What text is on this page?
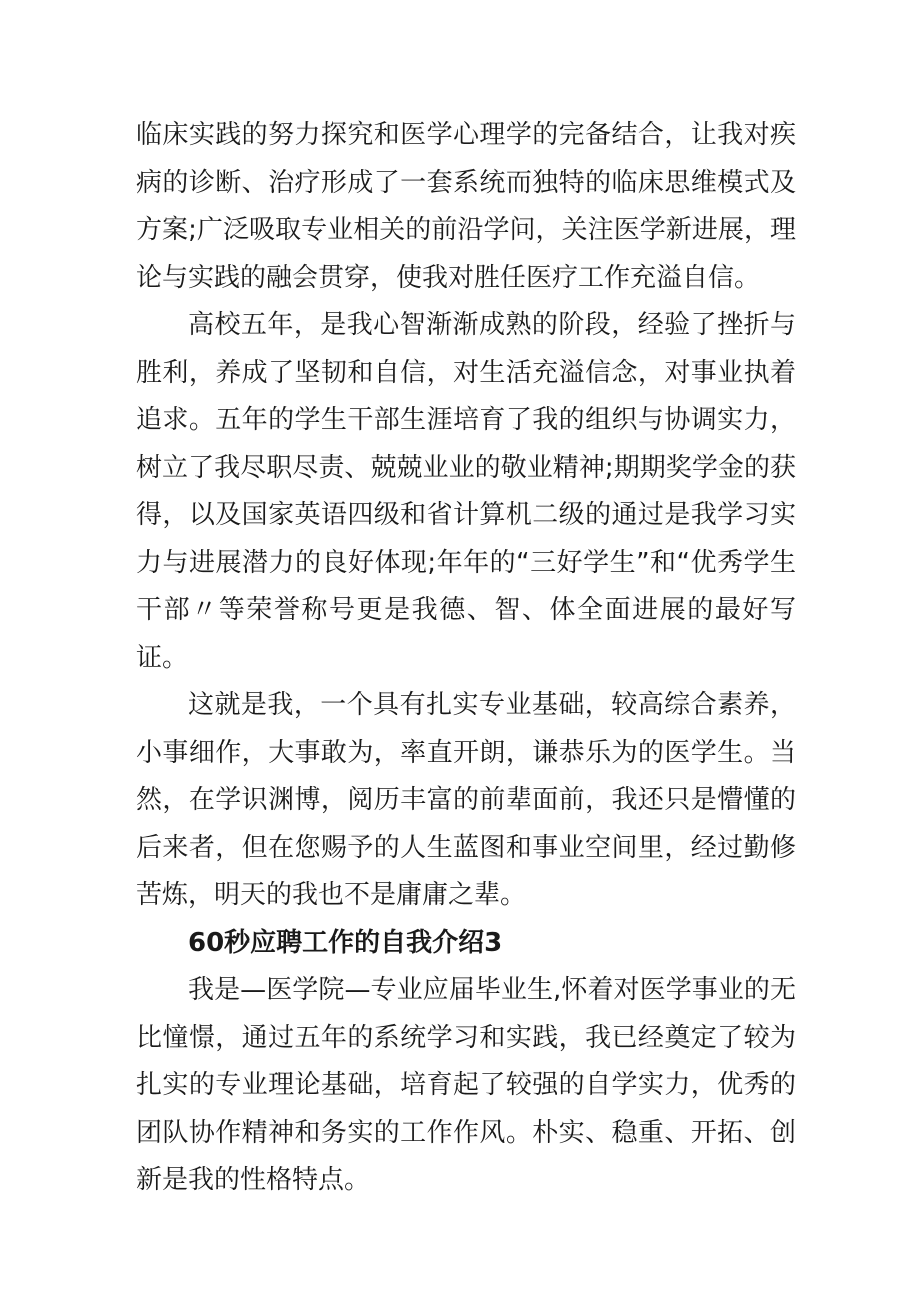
临床实践的努力探究和医学心理学的完备结合，让我对疾病的诊断、治疗形成了一套系统而独特的临床思维模式及方案;广泛吸取专业相关的前沿学问，关注医学新进展，理论与实践的融会贯穿，使我对胜任医疗工作充溢自信。

高校五年，是我心智渐渐成熟的阶段，经验了挫折与胜利，养成了坚韧和自信，对生活充溢信念，对事业执着追求。五年的学生干部生涯培育了我的组织与协调实力，树立了我尽职尽责、兢兢业业的敬业精神;期期奖学金的获得，以及国家英语四级和省计算机二级的通过是我学习实力与进展潜力的良好体现;年年的“三好学生”和“优秀学生干部〃等荣誉称号更是我德、智、体全面进展的最好写证。

这就是我，一个具有扎实专业基础，较高综合素养，小事细作，大事敢为，率直开朗，谦恭乐为的医学生。当然，在学识渊博，阅历丰富的前辈面前，我还只是懵懂的后来者，但在您赐予的人生蓝图和事业空间里，经过勤修苦炼，明天的我也不是庸庸之辈。

60秒应聘工作的自我介绍3

我是—医学院—专业应届毕业生,怀着对医学事业的无比憧憬，通过五年的系统学习和实践，我已经奠定了较为扎实的专业理论基础，培育起了较强的自学实力，优秀的团队协作精神和务实的工作作风。朴实、稳重、开拓、创新是我的性格特点。
